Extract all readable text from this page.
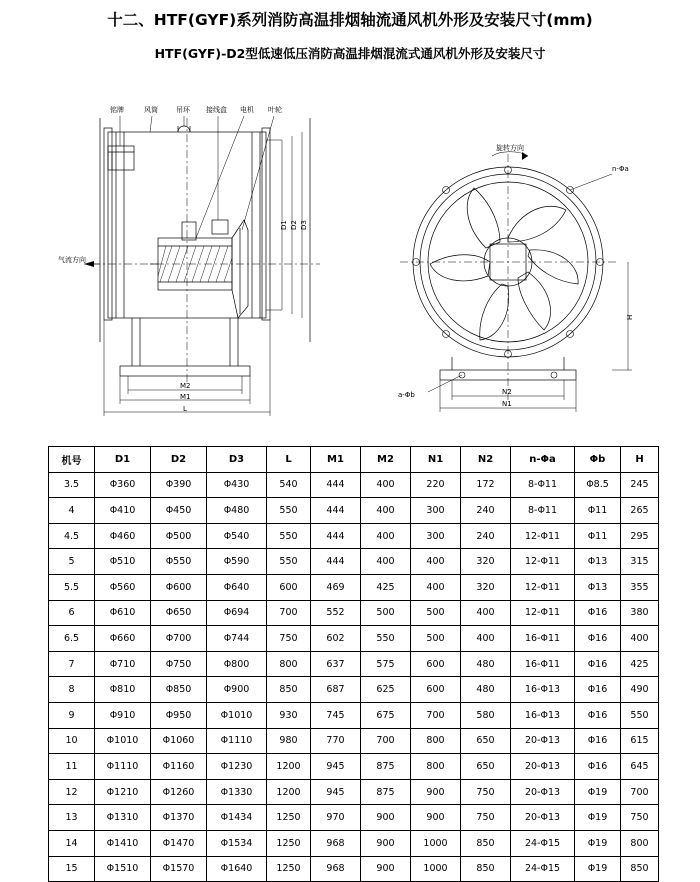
十二、HTF(GYF)系列消防高温排烟轴流通风机外形及安装尺寸(mm)
HTF(GYF)-D2型低速低压消防高温排烟混流式通风机外形及安装尺寸
铭牌	风筒	吊环 接线盒 电机 叶轮
气流方向
D1 D2 D3
M2
M1
L
旋转方向
n-Φa
a-Φb
H
N2
N1
机号	D1	D2	D3	L	M1	M2	N1	N2	n-Φa	Φb	H
3.5	Φ360	Φ390	Φ430	540	444	400	220	172	8-Φ11	Φ8.5	245
4	Φ410	Φ450	Φ480	550	444	400	300	240	8-Φ11	Φ11	265
4.5	Φ460	Φ500	Φ540	550	444	400	300	240	12-Φ11	Φ11	295
5	Φ510	Φ550	Φ590	550	444	400	400	320	12-Φ11	Φ13	315
5.5	Φ560	Φ600	Φ640	600	469	425	400	320	12-Φ11	Φ13	355
6	Φ610	Φ650	Φ694	700	552	500	500	400	12-Φ11	Φ16	380
6.5	Φ660	Φ700	Φ744	750	602	550	500	400	16-Φ11	Φ16	400
7	Φ710	Φ750	Φ800	800	637	575	600	480	16-Φ11	Φ16	425
8	Φ810	Φ850	Φ900	850	687	625	600	480	16-Φ13	Φ16	490
9	Φ910	Φ950	Φ1010	930	745	675	700	580	16-Φ13	Φ16	550
10	Φ1010	Φ1060	Φ1110	980	770	700	800	650	20-Φ13	Φ16	615
11	Φ1110	Φ1160	Φ1230	1200	945	875	800	650	20-Φ13	Φ16	645
12	Φ1210	Φ1260	Φ1330	1200	945	875	900	750	20-Φ13	Φ19	700
13	Φ1310	Φ1370	Φ1434	1250	970	900	900	750	20-Φ13	Φ19	750
14	Φ1410	Φ1470	Φ1534	1250	968	900	1000	850	24-Φ15	Φ19	800
15	Φ1510	Φ1570	Φ1640	1250	968	900	1000	850	24-Φ15	Φ19	850
